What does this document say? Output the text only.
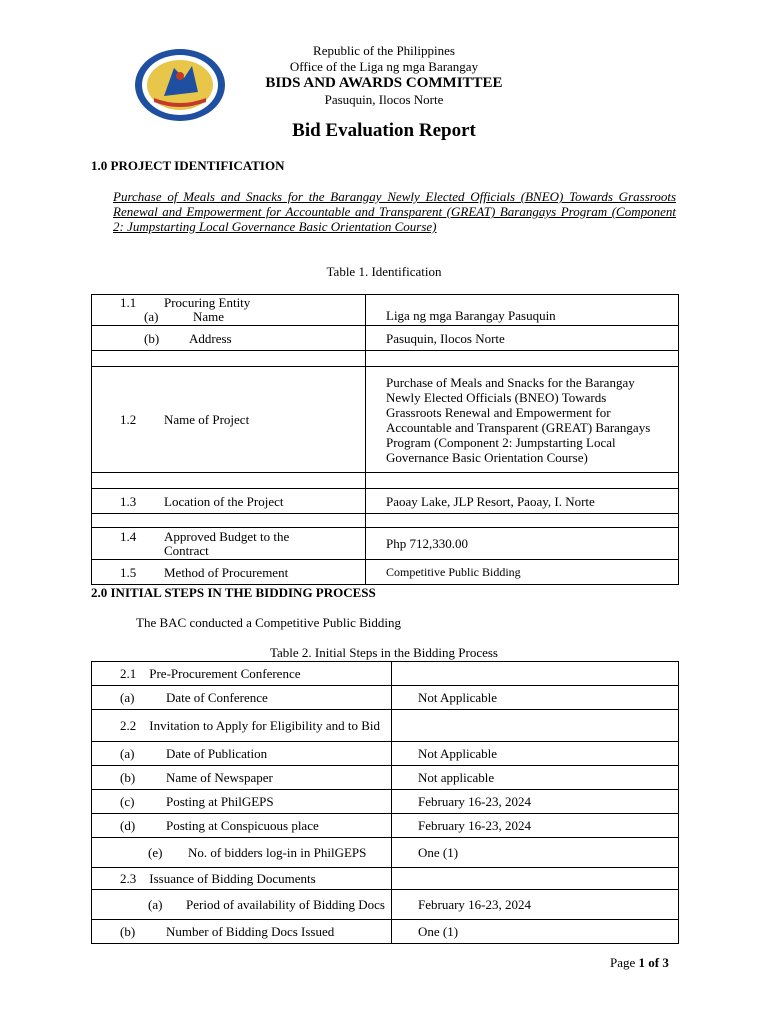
Republic of the Philippines
Office of the Liga ng mga Barangay
BIDS AND AWARDS COMMITTEE
Pasuquin, Ilocos Norte
Bid Evaluation Report
1.0 PROJECT IDENTIFICATION
Purchase of Meals and Snacks for the Barangay Newly Elected Officials (BNEO) Towards Grassroots Renewal and Empowerment for Accountable and Transparent (GREAT) Barangays Program (Component 2: Jumpstarting Local Governance Basic Orientation Course)
Table 1. Identification
1.1 Procuring Entity
(a) Name	Liga ng mga Barangay Pasuquin
(b) Address	Pasuquin, Ilocos Norte

1.2 Name of Project	Purchase of Meals and Snacks for the Barangay Newly Elected Officials (BNEO) Towards Grassroots Renewal and Empowerment for Accountable and Transparent (GREAT) Barangays Program (Component 2: Jumpstarting Local Governance Basic Orientation Course)

1.3 Location of the Project	Paoay Lake, JLP Resort, Paoay, I. Norte

1.4 Approved Budget to the Contract	Php 712,330.00
1.5 Method of Procurement	Competitive Public Bidding
2.0 INITIAL STEPS IN THE BIDDING PROCESS
The BAC conducted a Competitive Public Bidding
Table 2. Initial Steps in the Bidding Process
2.1    Pre-Procurement Conference	
(a) Date of Conference	Not Applicable

2.2    Invitation to Apply for Eligibility and to Bid	

(a) Date of Publication	Not Applicable
(b) Name of Newspaper	Not applicable
(c) Posting at PhilGEPS	February 16-23, 2024
(d) Posting at Conspicuous place	February 16-23, 2024
(e) No. of bidders log-in in PhilGEPS	One (1)
2.3    Issuance of Bidding Documents	
(a) Period of availability of Bidding Docs	February 16-23, 2024
(b) Number of Bidding Docs Issued	One (1)
Page 1 of 3
